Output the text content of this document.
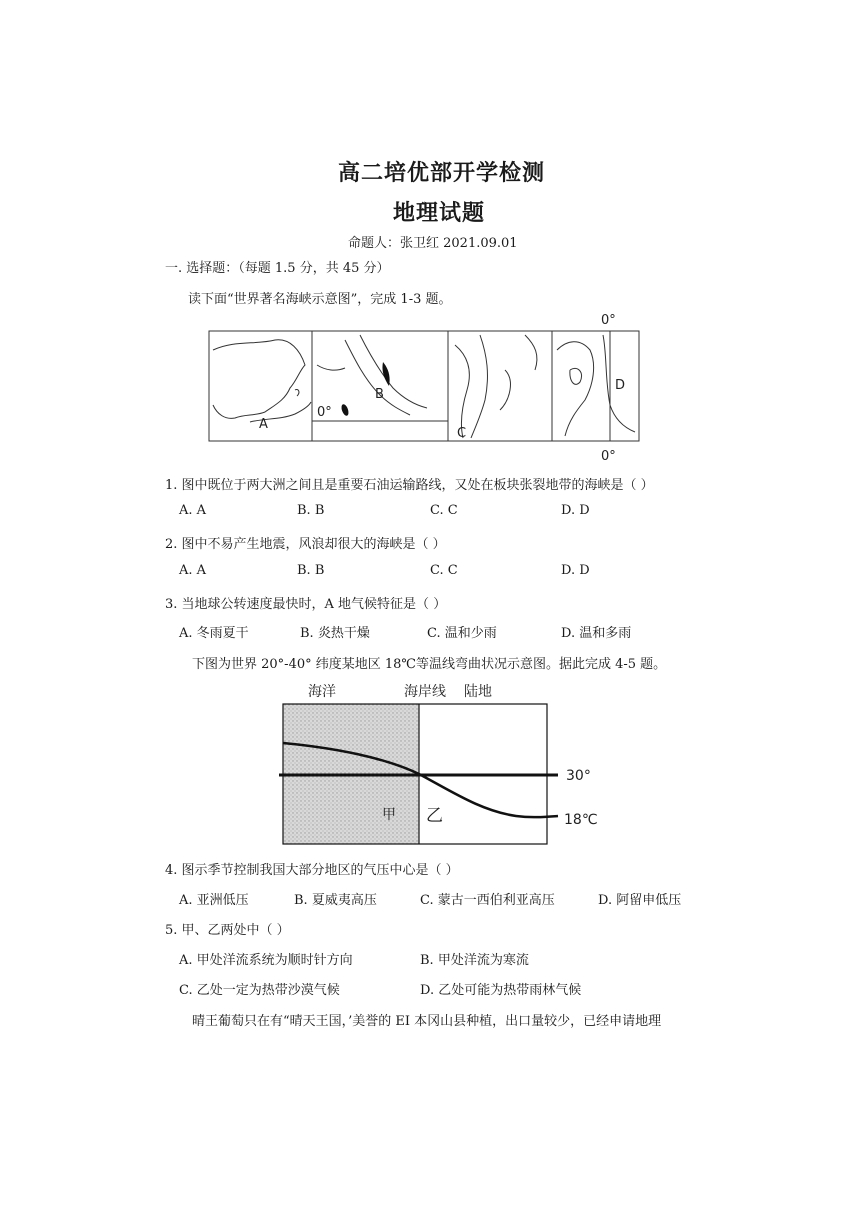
高二培优部开学检测
地理试题
命题人：张卫红 2021.09.01
一. 选择题：（每题 1.5 分，共 45 分）
读下面“世界著名海峡示意图”，完成 1-3 题。
A
B
C
D
0°
0°
0°
1. 图中既位于两大洲之间且是重要石油运输路线，又处在板块张裂地带的海峡是（ ）
A. A	B. B	C. C	D. D
2. 图中不易产生地震，风浪却很大的海峡是（ ）
A. A	B. B	C. C	D. D
3. 当地球公转速度最快时，A 地气候特征是（ ）
A. 冬雨夏干	B. 炎热干燥	C. 温和少雨	D. 温和多雨
下图为世界 20°-40° 纬度某地区 18℃等温线弯曲状况示意图。据此完成 4-5 题。
海洋	海岸线 陆地
30°
18℃
甲 乙
4. 图示季节控制我国大部分地区的气压中心是（ ）
A. 亚洲低压	B. 夏威夷高压	C. 蒙古一西伯利亚高压	D. 阿留申低压
5. 甲、乙两处中（ ）
A. 甲处洋流系统为顺时针方向	B. 甲处洋流为寒流
C. 乙处一定为热带沙漠气候	D. 乙处可能为热带雨林气候
晴王葡萄只在有“晴天王国，’美誉的 EI 本冈山县种植，出口量较少，已经申请地理
